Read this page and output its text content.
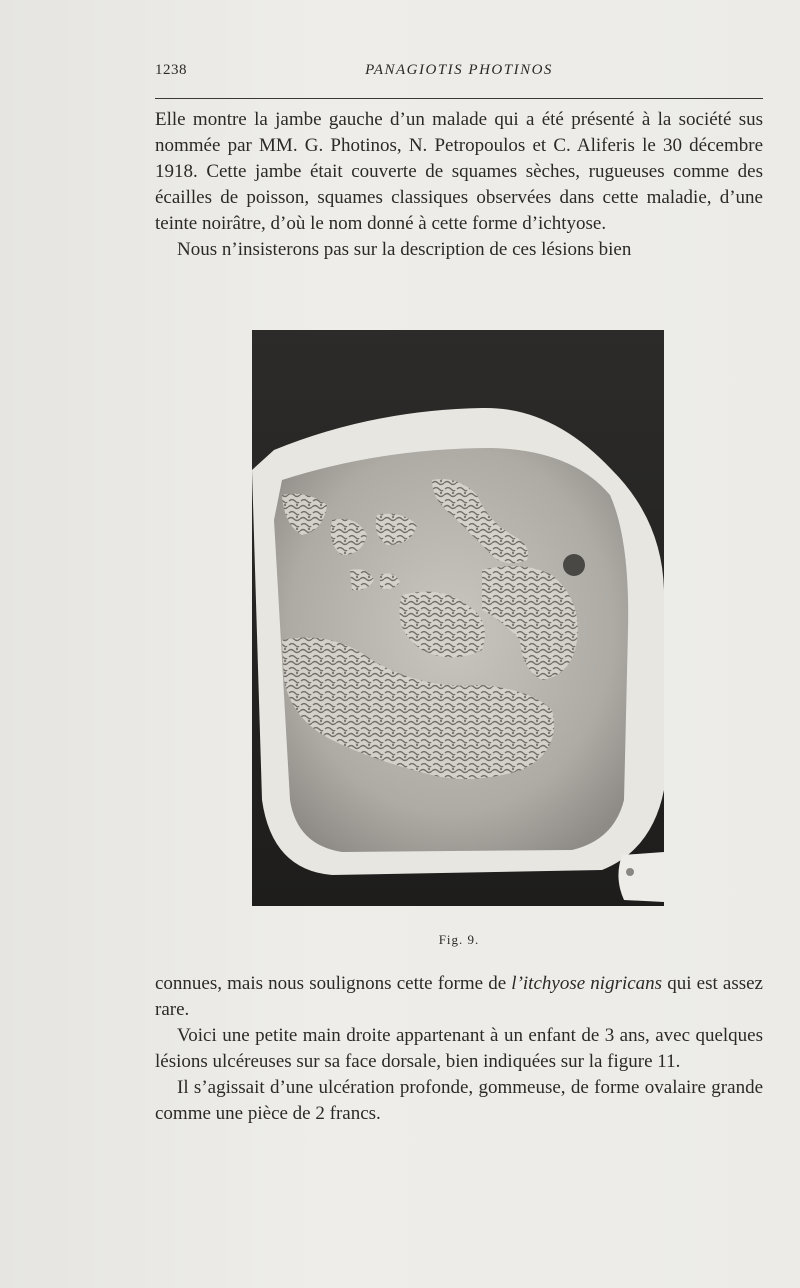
1238	PANAGIOTIS PHOTINOS

Elle montre la jambe gauche d’un malade qui a été présenté à la société sus nommée par MM. G. Photinos, N. Petropoulos et C. Aliferis le 30 décembre 1918. Cette jambe était couverte de squames sèches, rugueuses comme des écailles de poisson, squames classiques observées dans cette maladie, d’une teinte noirâtre, d’où le nom donné à cette forme d’ichtyose.

Nous n’insisterons pas sur la description de ces lésions bien

Fig. 9.

connues, mais nous soulignons cette forme de l’itchyose nigricans qui est assez rare.

Voici une petite main droite appartenant à un enfant de 3 ans, avec quelques lésions ulcéreuses sur sa face dorsale, bien indiquées sur la figure 11.

Il s’agissait d’une ulcération profonde, gommeuse, de forme ovalaire grande comme une pièce de 2 francs.
